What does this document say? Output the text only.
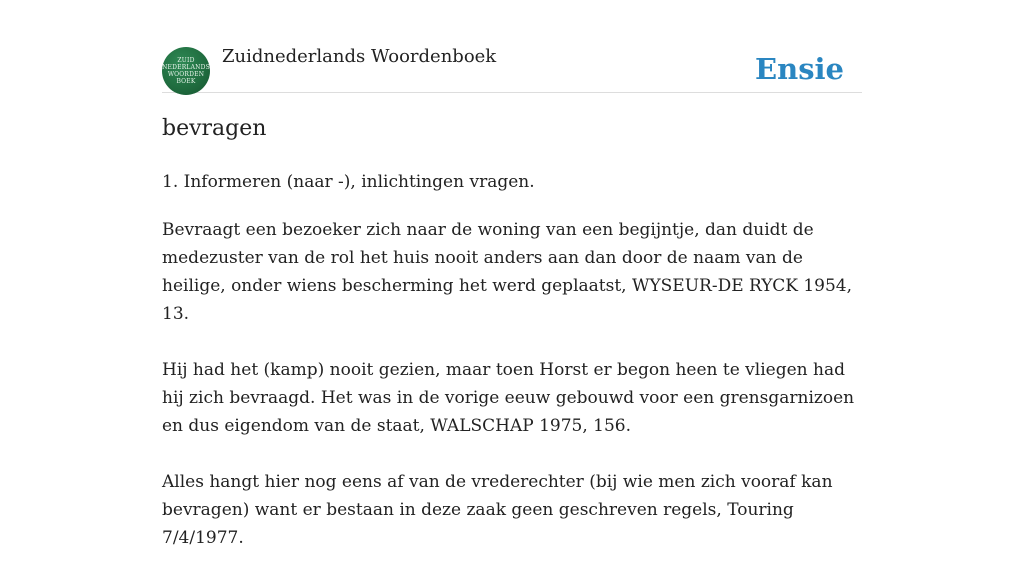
ZUID
NEDERLANDS
WOORDEN
BOEK
Zuidnederlands Woordenboek	Ensie
bevragen

1. Informeren (naar -), inlichtingen vragen.

Bevraagt een bezoeker zich naar de woning van een begijntje, dan duidt de medezuster van de rol het huis nooit anders aan dan door de naam van de heilige, onder wiens bescherming het werd geplaatst, WYSEUR-DE RYCK 1954, 13.

Hij had het (kamp) nooit gezien, maar toen Horst er begon heen te vliegen had hij zich bevraagd. Het was in de vorige eeuw gebouwd voor een grensgarnizoen en dus eigendom van de staat, WALSCHAP 1975, 156.

Alles hangt hier nog eens af van de vrederechter (bij wie men zich vooraf kan bevragen) want er bestaan in deze zaak geen geschreven regels, Touring 7/4/1977.
